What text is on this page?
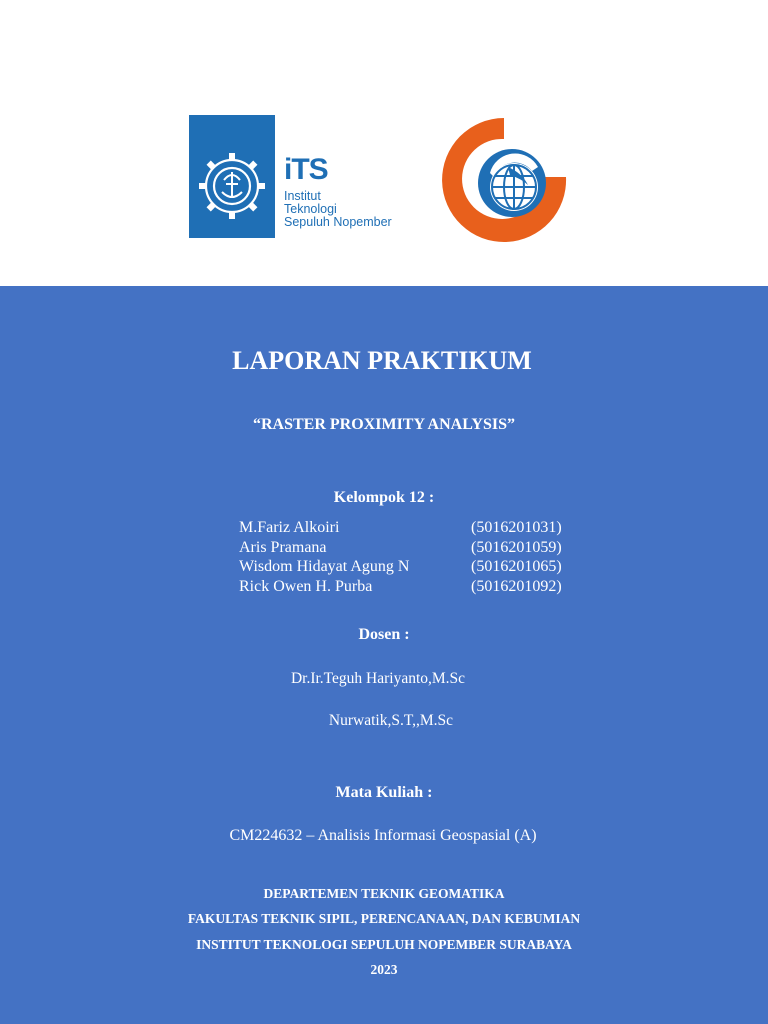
iTS
Institut
Teknologi
Sepuluh Nopember
LAPORAN PRAKTIKUM
“RASTER PROXIMITY ANALYSIS”
Kelompok 12 :
M.Fariz Alkoiri	(5016201031)
Aris Pramana	(5016201059)
Wisdom Hidayat Agung N	(5016201065)
Rick Owen H. Purba	(5016201092)
Dosen :
Dr.Ir.Teguh Hariyanto,M.Sc
Nurwatik,S.T,,M.Sc
Mata Kuliah :
CM224632 – Analisis Informasi Geospasial (A)
DEPARTEMEN TEKNIK GEOMATIKA
FAKULTAS TEKNIK SIPIL, PERENCANAAN, DAN KEBUMIAN
INSTITUT TEKNOLOGI SEPULUH NOPEMBER SURABAYA
2023
